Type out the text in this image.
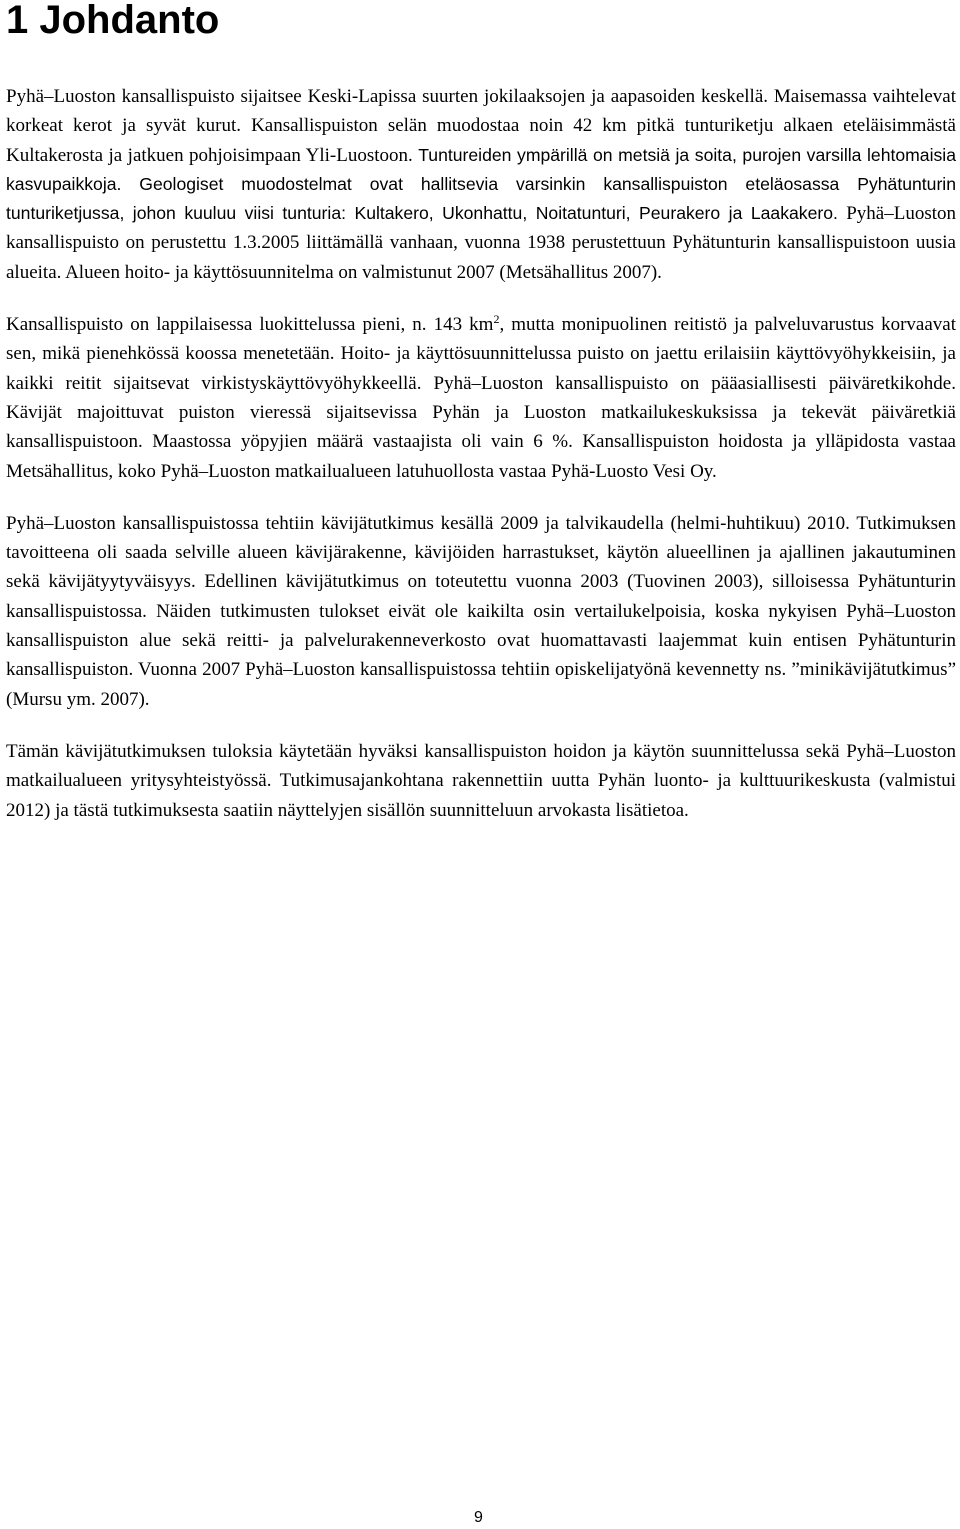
1 Johdanto

Pyhä–Luoston kansallispuisto sijaitsee Keski-Lapissa suurten jokilaaksojen ja aapasoiden keskellä. Maisemassa vaihtelevat korkeat kerot ja syvät kurut. Kansallispuiston selän muodostaa noin 42 km pitkä tunturiketju alkaen eteläisimmästä Kultakerosta ja jatkuen pohjoisimpaan Yli-Luostoon. Tuntureiden ympärillä on metsiä ja soita, purojen varsilla lehtomaisia kasvupaikkoja. Geologiset muodostelmat ovat hallitsevia varsinkin kansallispuiston eteläosassa Pyhätunturin tunturiketjussa, johon kuuluu viisi tunturia: Kultakero, Ukonhattu, Noitatunturi, Peurakero ja Laakakero. Pyhä–Luoston kansallispuisto on perustettu 1.3.2005 liittämällä vanhaan, vuonna 1938 perustettuun Pyhätunturin kansallispuistoon uusia alueita. Alueen hoito- ja käyttösuunnitelma on valmistunut 2007 (Metsähallitus 2007).

Kansallispuisto on lappilaisessa luokittelussa pieni, n. 143 $km^2$, mutta monipuolinen reitistö ja palveluvarustus korvaavat sen, mikä pienehkössä koossa menetetään. Hoito- ja käyttösuunnittelussa puisto on jaettu erilaisiin käyttövyöhykkeisiin, ja kaikki reitit sijaitsevat virkistyskäyttövyöhykkeellä. Pyhä–Luoston kansallispuisto on pääasiallisesti päiväretkikohde. Kävijät majoittuvat puiston vieressä sijaitsevissa Pyhän ja Luoston matkailukeskuksissa ja tekevät päiväretkiä kansallispuistoon. Maastossa yöpyjien määrä vastaajista oli vain 6 %. Kansallispuiston hoidosta ja ylläpidosta vastaa Metsähallitus, koko Pyhä–Luoston matkailualueen latuhuollosta vastaa Pyhä-Luosto Vesi Oy.

Pyhä–Luoston kansallispuistossa tehtiin kävijätutkimus kesällä 2009 ja talvikaudella (helmi-huhtikuu) 2010. Tutkimuksen tavoitteena oli saada selville alueen kävijärakenne, kävijöiden harrastukset, käytön alueellinen ja ajallinen jakautuminen sekä kävijätyytyväisyys. Edellinen kävijätutkimus on toteutettu vuonna 2003 (Tuovinen 2003), silloisessa Pyhätunturin kansallispuistossa. Näiden tutkimusten tulokset eivät ole kaikilta osin vertailukelpoisia, koska nykyisen Pyhä–Luoston kansallispuiston alue sekä reitti- ja palvelurakenneverkosto ovat huomattavasti laajemmat kuin entisen Pyhätunturin kansallispuiston. Vuonna 2007 Pyhä–Luoston kansallispuistossa tehtiin opiskelijatyönä kevennetty ns. ”minikävijätutkimus” (Mursu ym. 2007).

Tämän kävijätutkimuksen tuloksia käytetään hyväksi kansallispuiston hoidon ja käytön suunnittelussa sekä Pyhä–Luoston matkailualueen yritysyhteistyössä. Tutkimusajankohtana rakennettiin uutta Pyhän luonto- ja kulttuurikeskusta (valmistui 2012) ja tästä tutkimuksesta saatiin näyttelyjen sisällön suunnitteluun arvokasta lisätietoa.

9
